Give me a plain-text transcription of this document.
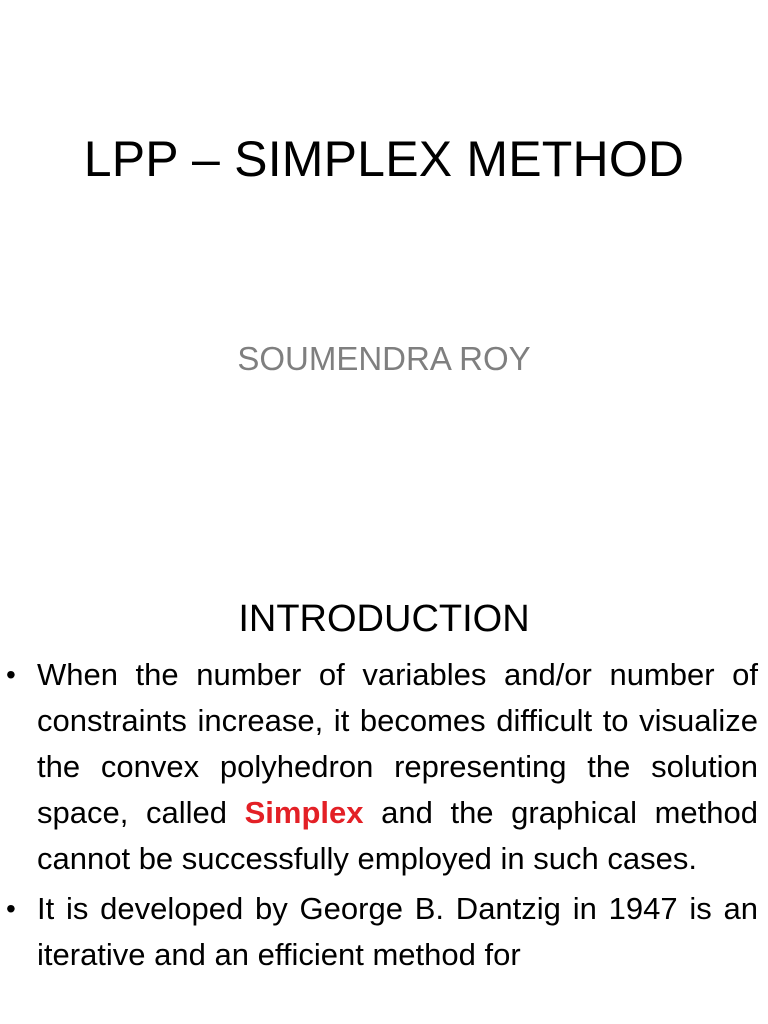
LPP – SIMPLEX METHOD

SOUMENDRA ROY

INTRODUCTION
• When the number of variables and/or number of constraints increase, it becomes difficult to visualize the convex polyhedron representing the solution space, called Simplex and the graphical method cannot be successfully employed in such cases.
• It is developed by George B. Dantzig in 1947 is an iterative and an efficient method for
